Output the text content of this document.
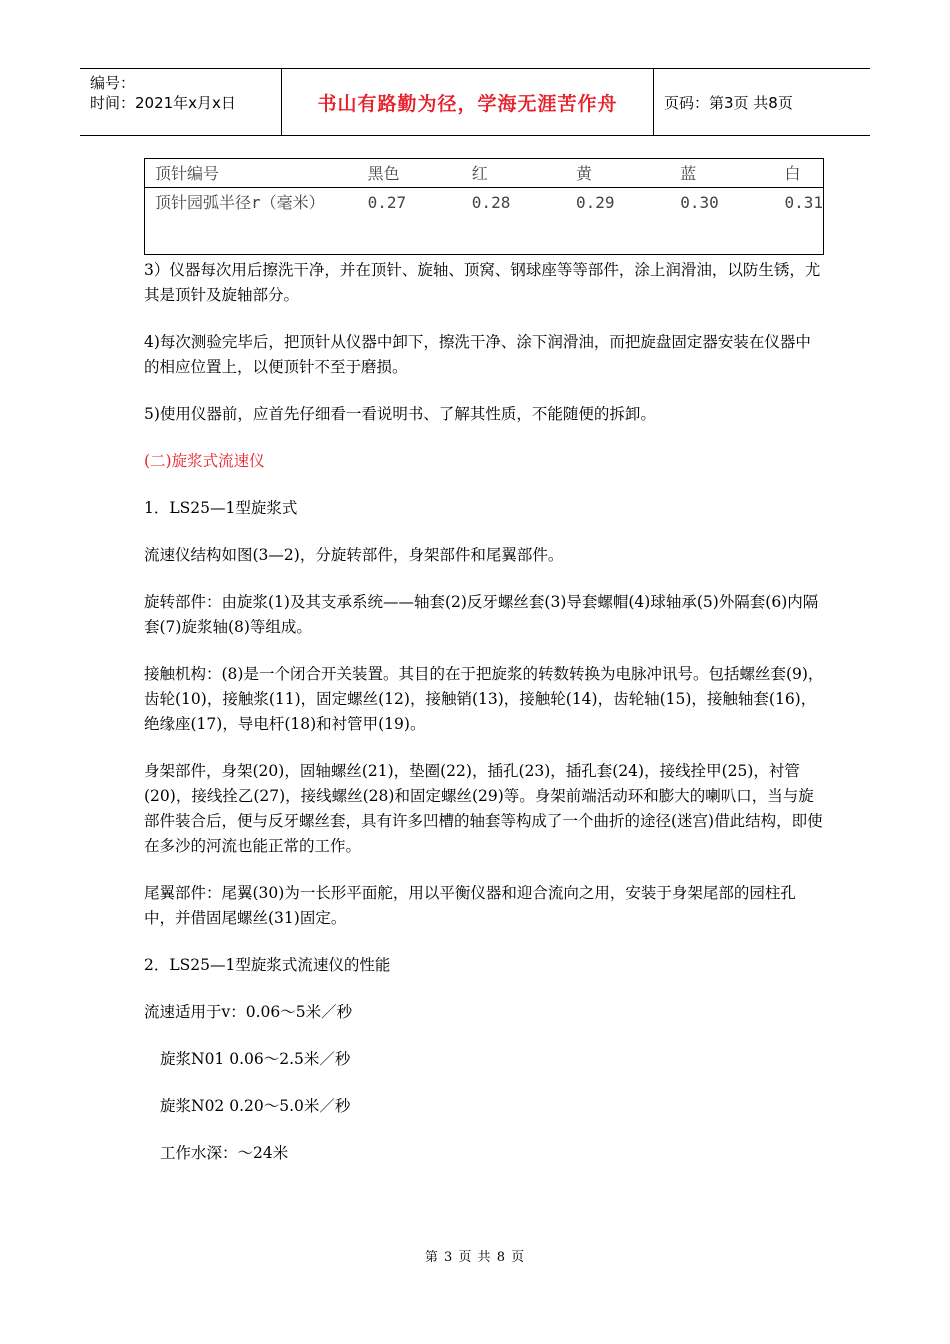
编号：
时间：2021年x月x日	书山有路勤为径，学海无涯苦作舟	页码：第3页 共8页
顶针编号	黑色	红	黄	蓝	白
顶针园弧半径r（毫米）	0.27	0.28	0.29	0.30	0.31

3）仪器每次用后擦洗干净，并在顶针、旋轴、顶窝、钢球座等等部件，涂上润滑油，以防生锈，尤其是顶针及旋轴部分。

4)每次测验完毕后，把顶针从仪器中卸下，擦洗干净、涂下润滑油，而把旋盘固定器安装在仪器中的相应位置上，以便顶针不至于磨损。

5)使用仪器前，应首先仔细看一看说明书、了解其性质，不能随便的拆卸。

(二)旋浆式流速仪

1．LS25—1型旋浆式

流速仪结构如图(3—2)，分旋转部件，身架部件和尾翼部件。

旋转部件：由旋浆(1)及其支承系统——轴套(2)反牙螺丝套(3)导套螺帽(4)球轴承(5)外隔套(6)内隔套(7)旋浆轴(8)等组成。

接触机构：(8)是一个闭合开关装置。其目的在于把旋浆的转数转换为电脉冲讯号。包括螺丝套(9)，齿轮(10)，接触浆(11)，固定螺丝(12)，接触销(13)，接触轮(14)，齿轮轴(15)，接触轴套(16)，绝缘座(17)，导电杆(18)和衬管甲(19)。

身架部件，身架(20)，固轴螺丝(21)，垫圈(22)，插孔(23)，插孔套(24)，接线拴甲(25)，衬管(20)，接线拴乙(27)，接线螺丝(28)和固定螺丝(29)等。身架前端活动环和膨大的喇叭口，当与旋部件装合后，便与反牙螺丝套，具有许多凹槽的轴套等构成了一个曲折的途径(迷宫)借此结构，即使在多沙的河流也能正常的工作。

尾翼部件：尾翼(30)为一长形平面舵，用以平衡仪器和迎合流向之用，安装于身架尾部的园柱孔中，并借固尾螺丝(31)固定。

2．LS25—1型旋浆式流速仪的性能

流速适用于v：0.06～5米／秒

旋浆N01 0.06～2.5米／秒

旋浆N02 0.20～5.0米／秒

工作水深：～24米

第 3 页 共 8 页
